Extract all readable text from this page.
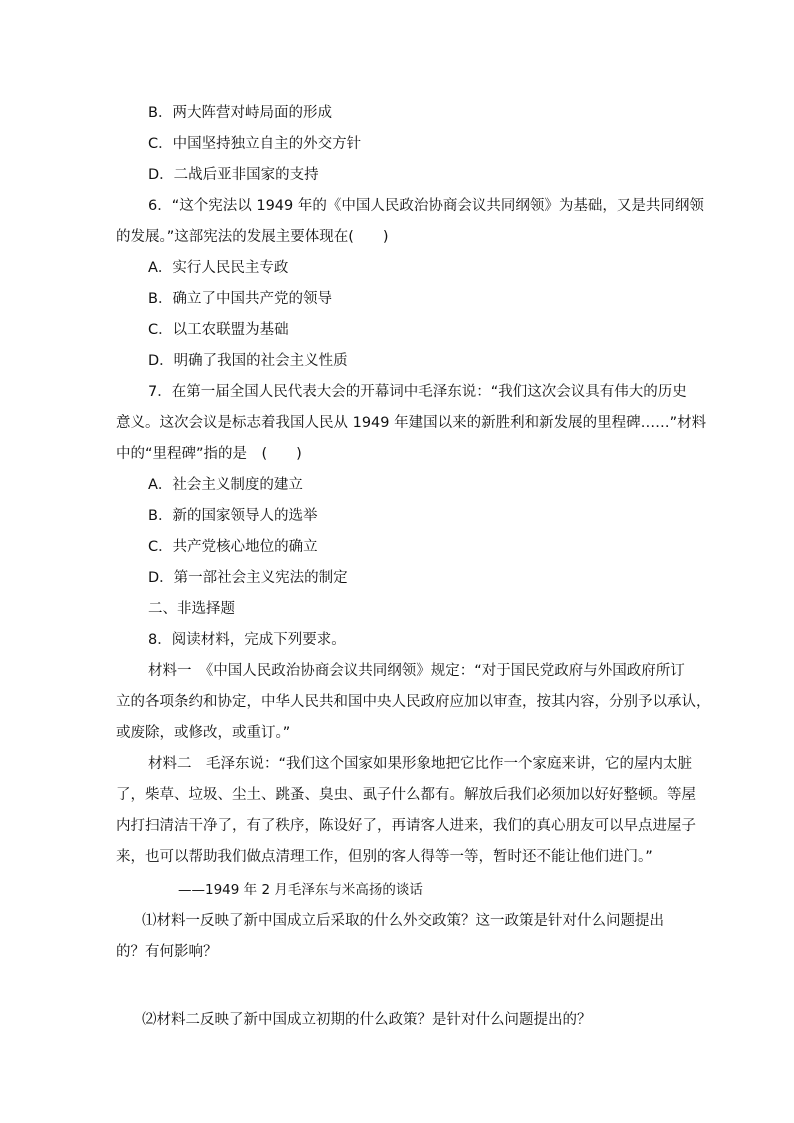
B．两大阵营对峙局面的形成
C．中国坚持独立自主的外交方针
D．二战后亚非国家的支持
6．“这个宪法以 1949 年的《中国人民政治协商会议共同纲领》为基础，又是共同纲领
的发展。”这部宪法的发展主要体现在(　　)
A．实行人民民主专政
B．确立了中国共产党的领导
C．以工农联盟为基础
D．明确了我国的社会主义性质
7．在第一届全国人民代表大会的开幕词中毛泽东说：“我们这次会议具有伟大的历史
意义。这次会议是标志着我国人民从 1949 年建国以来的新胜利和新发展的里程碑……”材料
中的“里程碑”指的是　(　　)
A．社会主义制度的建立
B．新的国家领导人的选举
C．共产党核心地位的确立
D．第一部社会主义宪法的制定
二、非选择题
8．阅读材料，完成下列要求。
材料一　《中国人民政治协商会议共同纲领》规定：“对于国民党政府与外国政府所订
立的各项条约和协定，中华人民共和国中央人民政府应加以审查，按其内容，分别予以承认，
或废除，或修改，或重订。”
材料二　毛泽东说：“我们这个国家如果形象地把它比作一个家庭来讲，它的屋内太脏
了，柴草、垃圾、尘土、跳蚤、臭虫、虱子什么都有。解放后我们必须加以好好整顿。等屋
内打扫清洁干净了，有了秩序，陈设好了，再请客人进来，我们的真心朋友可以早点进屋子
来，也可以帮助我们做点清理工作，但别的客人得等一等，暂时还不能让他们进门。”
——1949 年 2 月毛泽东与米高扬的谈话
⑴材料一反映了新中国成立后采取的什么外交政策？这一政策是针对什么问题提出
的？有何影响？
⑵材料二反映了新中国成立初期的什么政策？是针对什么问题提出的？
